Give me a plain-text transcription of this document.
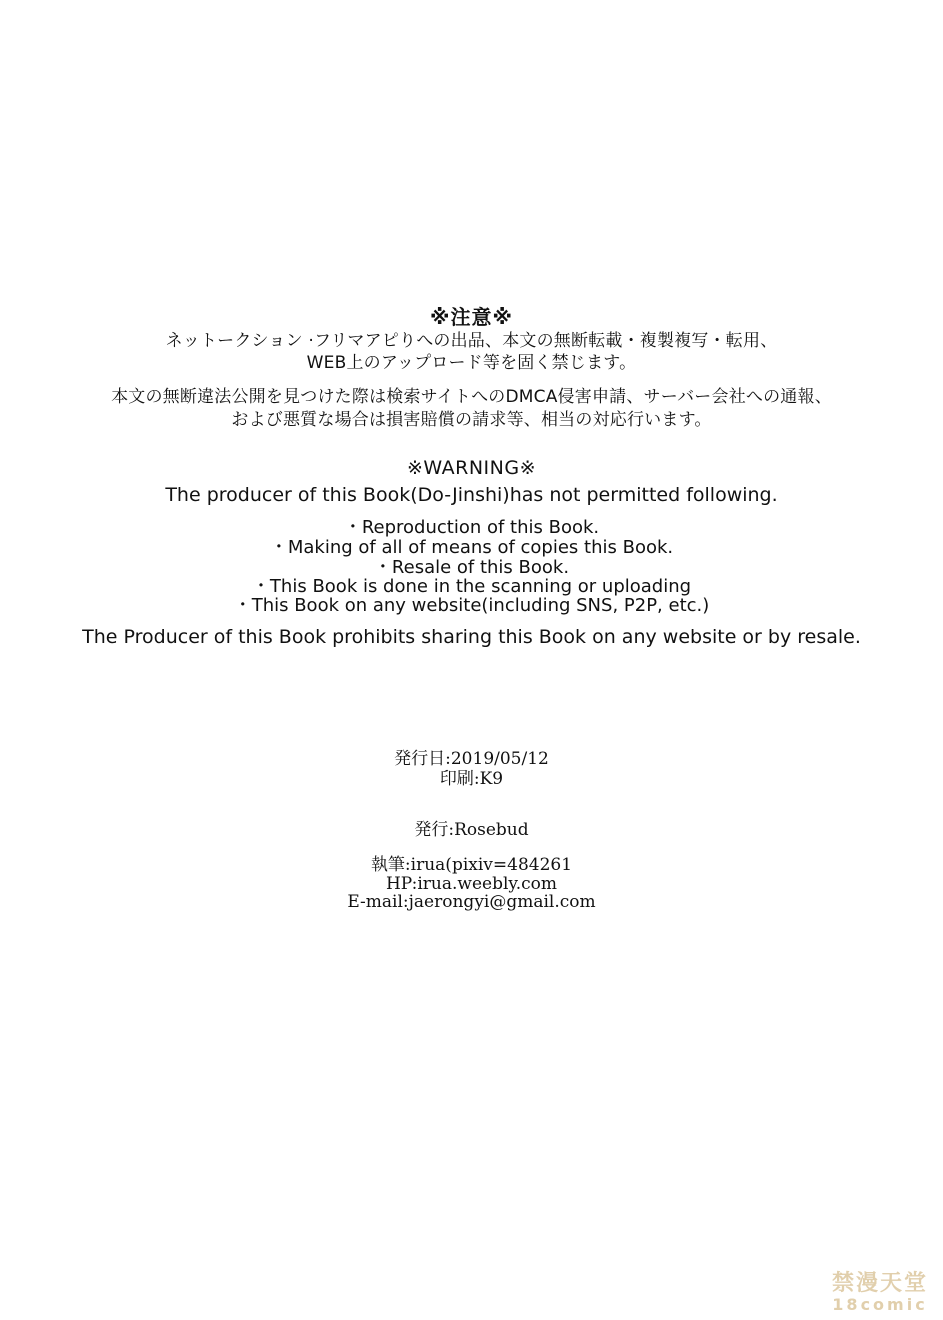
※注意※
ネットークション ·フリマアピりへの出品、本文の無断転載・複製複写・転用、
WEB上のアップロード等を固く禁じます。
本文の無断違法公開を見つけた際は検索サイトへのDMCA侵害申請、サーバー会社への通報、
および悪質な場合は損害賠償の請求等、相当の対応行います。
※WARNING※
The producer of this Book(Do-Jinshi)has not permitted following.
・Reproduction of this Book.
・Making of all of means of copies this Book.
・Resale of this Book.
・This Book is done in the scanning or uploading
・This Book on any website(including SNS, P2P, etc.)
The Producer of this Book prohibits sharing this Book on any website or by resale.
発行日:2019/05/12
印刷:K9
発行:Rosebud
執筆:irua(pixiv=484261
HP:irua.weebly.com
E-mail:jaerongyi@gmail.com
禁漫天堂
18comic
